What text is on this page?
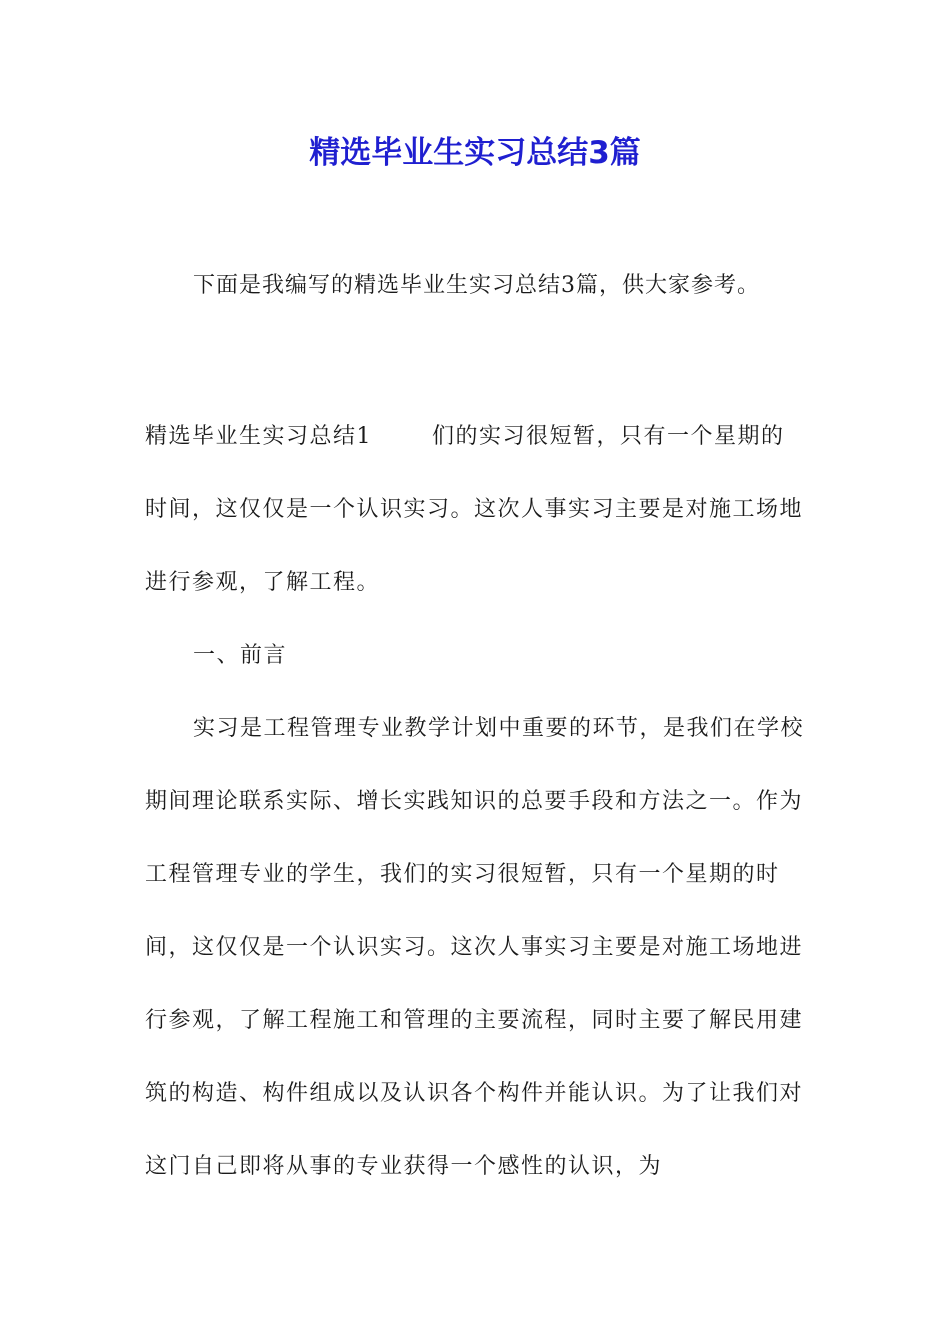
精选毕业生实习总结3篇

下面是我编写的精选毕业生实习总结3篇，供大家参考。

精选毕业生实习总结1	们的实习很短暂，只有一个星期的时间，这仅仅是一个认识实习。这次人事实习主要是对施工场地进行参观，了解工程。

一、前言

实习是工程管理专业教学计划中重要的环节，是我们在学校期间理论联系实际、增长实践知识的总要手段和方法之一。作为工程管理专业的学生，我们的实习很短暂，只有一个星期的时间，这仅仅是一个认识实习。这次人事实习主要是对施工场地进行参观，了解工程施工和管理的主要流程，同时主要了解民用建筑的构造、构件组成以及认识各个构件并能认识。为了让我们对这门自己即将从事的专业获得一个感性的认识，为
